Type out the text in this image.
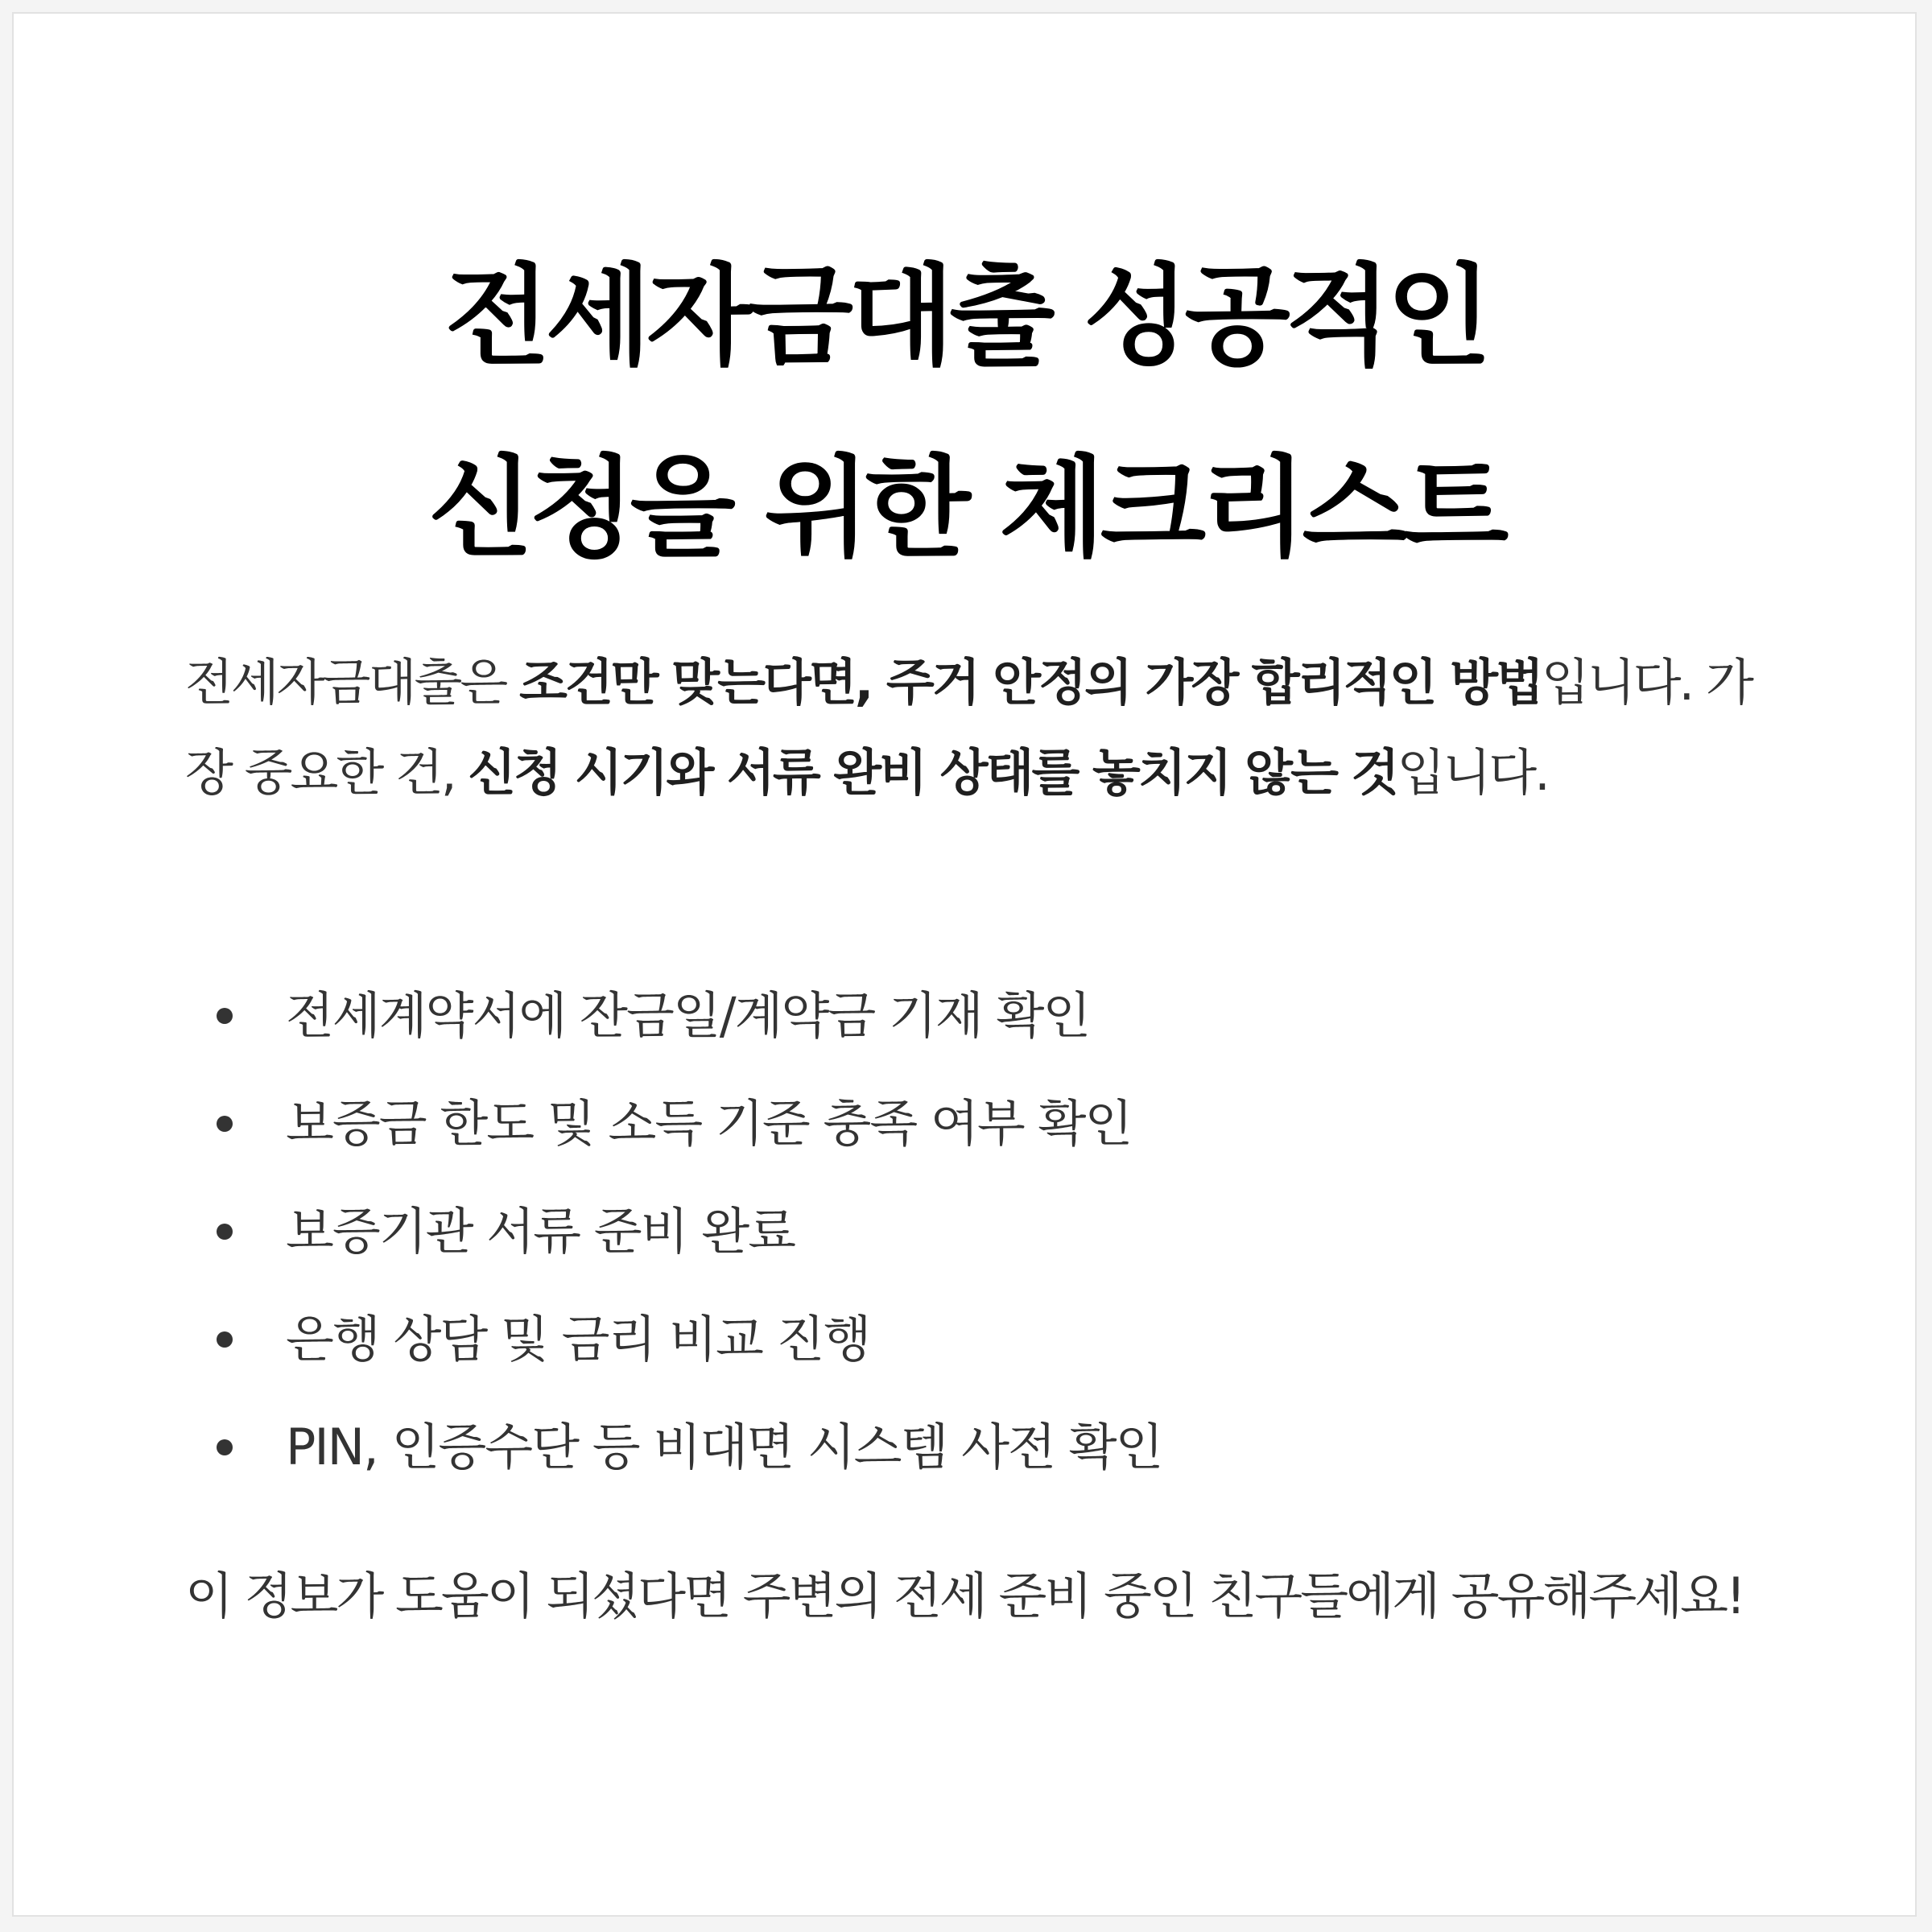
전세자금대출 성공적인
신청을 위한 체크리스트

전세자금대출은 조건만 맞는다면, 주거 안정의 가장 합리적인 방법입니다. 가장 중요한 건, 신청 시기와 서류 완비 상태를 놓치지 않는 것입니다.

전세계약서에 잔금일/계약금 기재 확인
보증금 한도 및 소득 기준 충족 여부 확인
보증기관 서류 준비 완료
은행 상담 및 금리 비교 진행
PIN, 인증수단 등 비대면 시스템 사전 확인

이 정보가 도움이 되셨다면 주변의 전세 준비 중인 친구들에게 공유해주세요!
